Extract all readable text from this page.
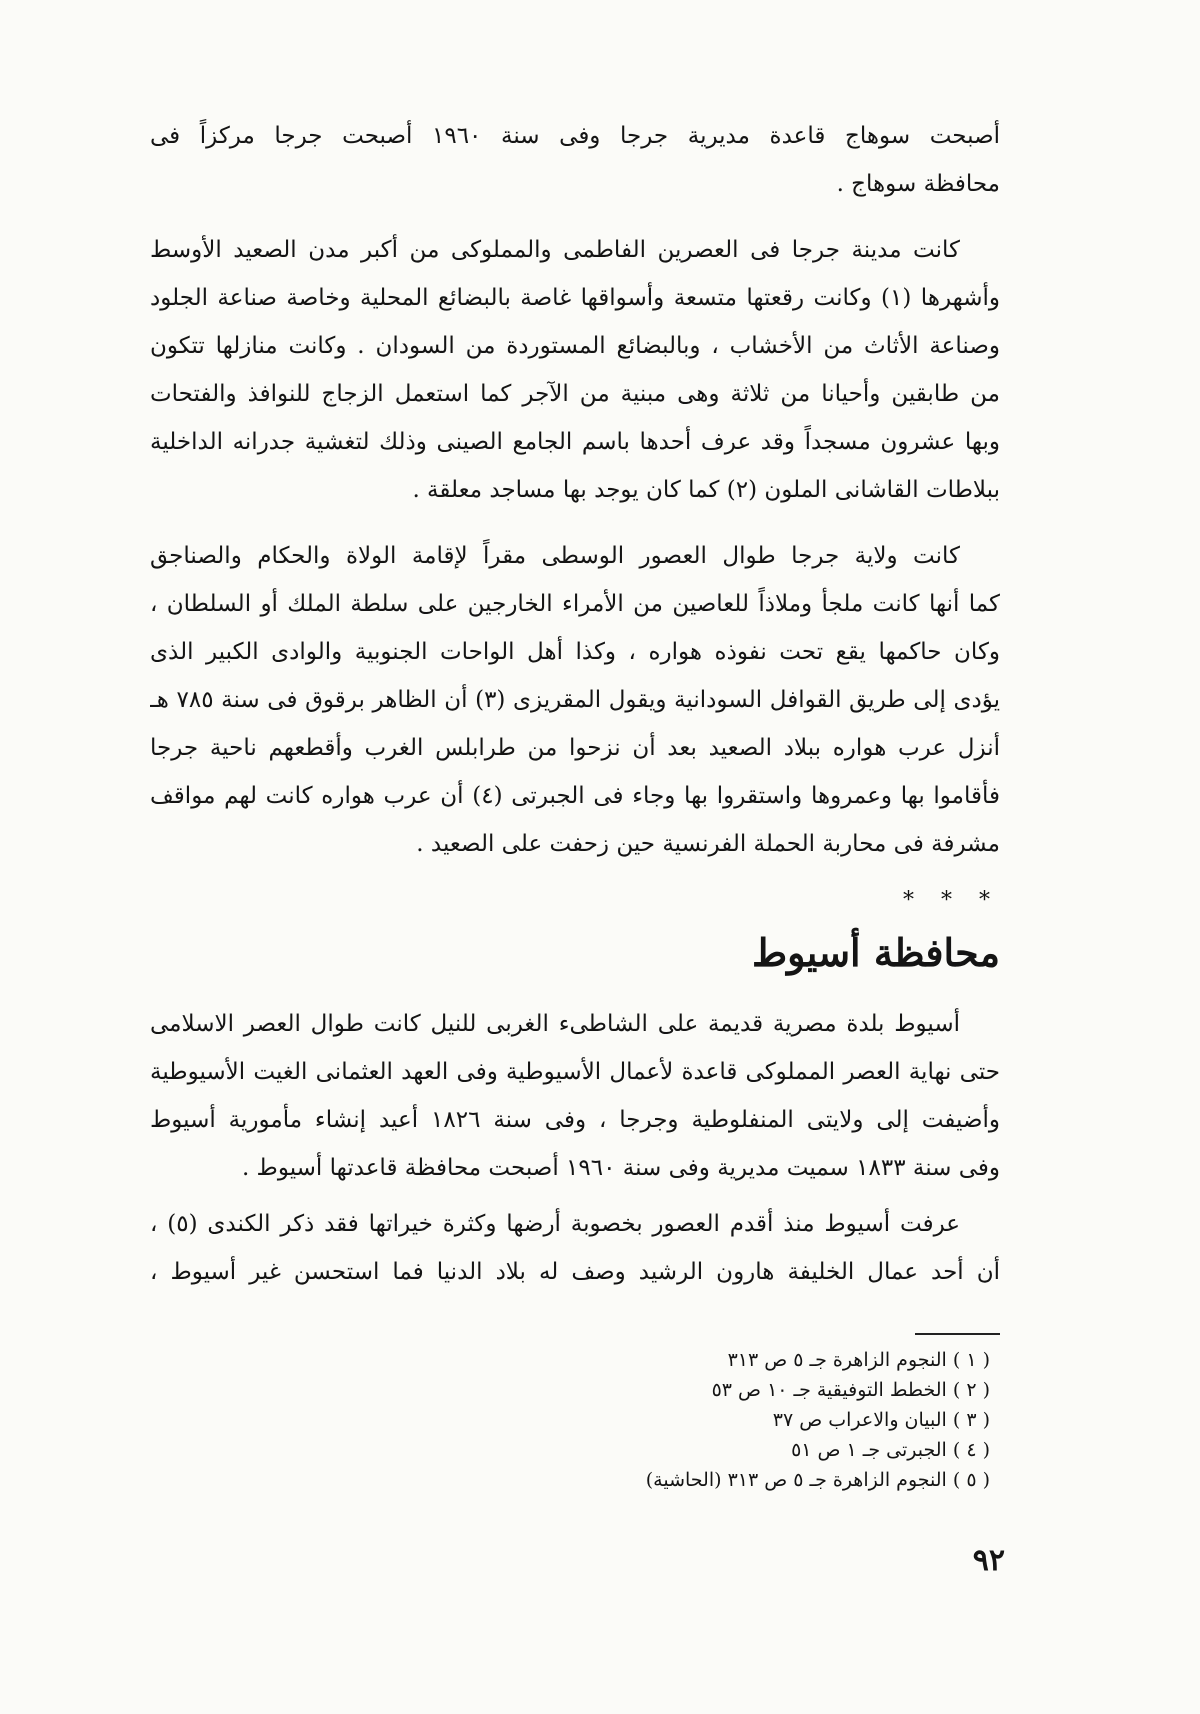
أصبحت سوهاج قاعدة مديرية جرجا وفى سنة ١٩٦٠ أصبحت جرجا مركزاً فى
محافظة سوهاج .
كانت مدينة جرجا فى العصرين الفاطمى والمملوكى من أكبر مدن الصعيد الأوسط
وأشهرها (١) وكانت رقعتها متسعة وأسواقها غاصة بالبضائع المحلية وخاصة صناعة الجلود
وصناعة الأثاث من الأخشاب ، وبالبضائع المستوردة من السودان . وكانت منازلها تتكون
من طابقين وأحيانا من ثلاثة وهى مبنية من الآجر كما استعمل الزجاج للنوافذ والفتحات
وبها عشرون مسجداً وقد عرف أحدها باسم الجامع الصينى وذلك لتغشية جدرانه الداخلية
ببلاطات القاشانى الملون (٢) كما كان يوجد بها مساجد معلقة .
كانت ولاية جرجا طوال العصور الوسطى مقراً لإقامة الولاة والحكام والصناجق
كما أنها كانت ملجأ وملاذاً للعاصين من الأمراء الخارجين على سلطة الملك أو السلطان ،
وكان حاكمها يقع تحت نفوذه هواره ، وكذا أهل الواحات الجنوبية والوادى الكبير الذى
يؤدى إلى طريق القوافل السودانية ويقول المقريزى (٣) أن الظاهر برقوق فى سنة ٧٨٥ هـ
أنزل عرب هواره ببلاد الصعيد بعد أن نزحوا من طرابلس الغرب وأقطعهم ناحية جرجا
فأقاموا بها وعمروها واستقروا بها وجاء فى الجبرتى (٤) أن عرب هواره كانت لهم مواقف
مشرفة فى محاربة الحملة الفرنسية حين زحفت على الصعيد .
* * *
محافظة أسيوط
أسيوط بلدة مصرية قديمة على الشاطىء الغربى للنيل كانت طوال العصر الاسلامى
حتى نهاية العصر المملوكى قاعدة لأعمال الأسيوطية وفى العهد العثمانى الغيت الأسيوطية
وأضيفت إلى ولايتى المنفلوطية وجرجا ، وفى سنة ١٨٢٦ أعيد إنشاء مأمورية أسيوط
وفى سنة ١٨٣٣ سميت مديرية وفى سنة ١٩٦٠ أصبحت محافظة قاعدتها أسيوط .
عرفت أسيوط منذ أقدم العصور بخصوبة أرضها وكثرة خيراتها فقد ذكر الكندى (٥) ،
أن أحد عمال الخليفة هارون الرشيد وصف له بلاد الدنيا فما استحسن غير أسيوط ،
( ١ ) النجوم الزاهرة جـ ٥ ص ٣١٣
( ٢ ) الخطط التوفيقية جـ ١٠ ص ٥٣
( ٣ ) البيان والاعراب ص ٣٧
( ٤ ) الجبرتى جـ ١ ص ٥١
( ٥ ) النجوم الزاهرة جـ ٥ ص ٣١٣ (الحاشية)
٩٢
